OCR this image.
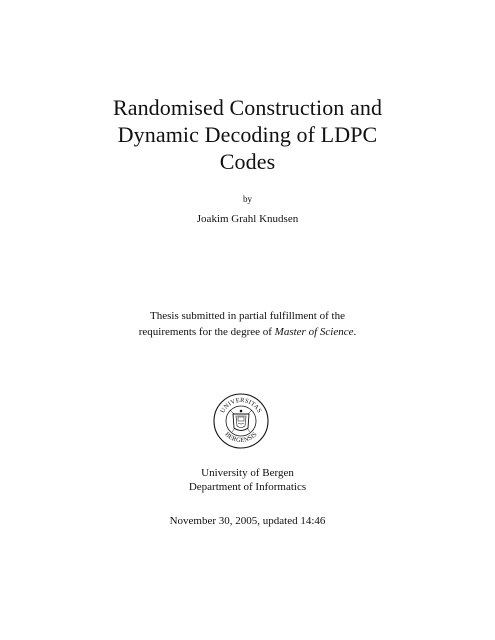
Randomised Construction and
Dynamic Decoding of LDPC
Codes
by
Joakim Grahl Knudsen
Thesis submitted in partial fulfillment of the
requirements for the degree of Master of Science.
UNIVERSITAS
BERGENSIS
University of Bergen
Department of Informatics
November 30, 2005, updated 14:46
